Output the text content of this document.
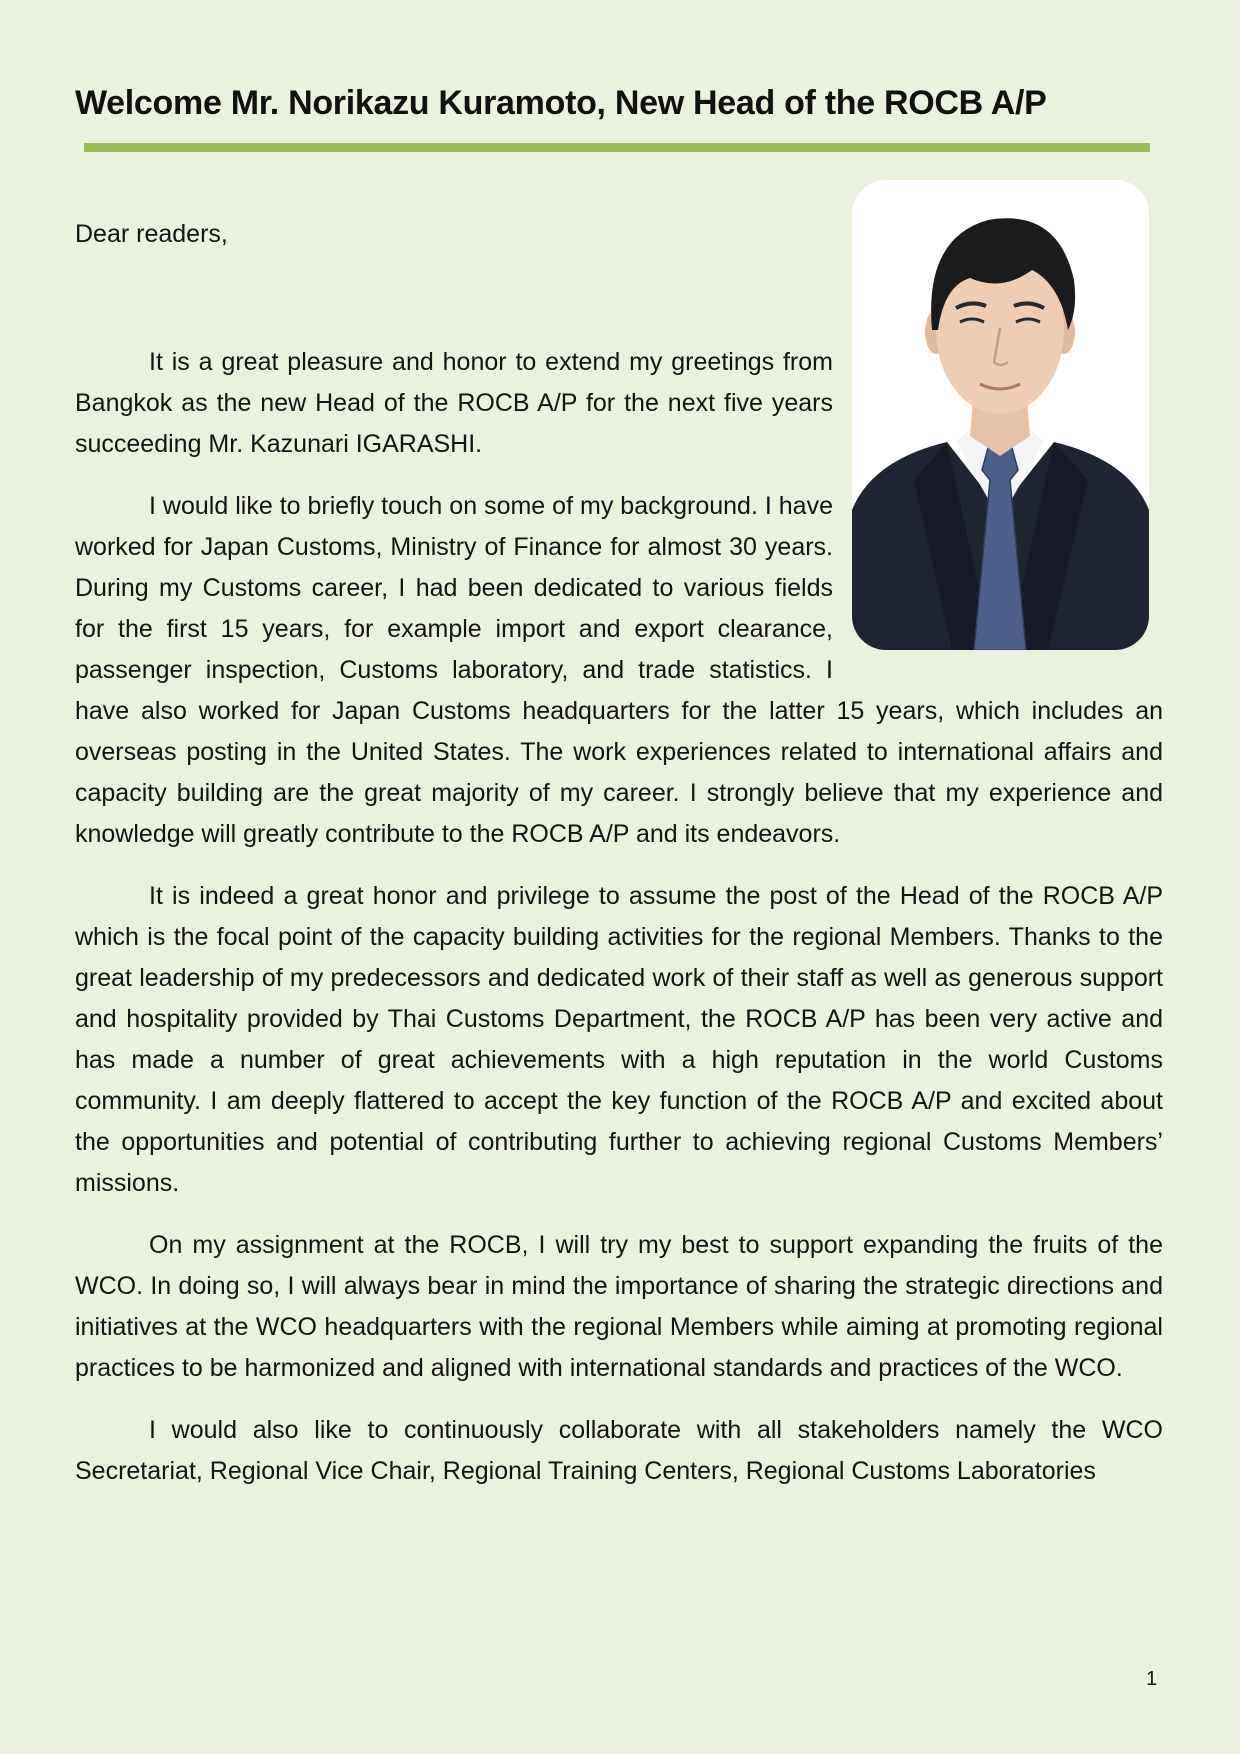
Welcome Mr. Norikazu Kuramoto, New Head of the ROCB A/P

Dear readers,

It is a great pleasure and honor to extend my greetings from Bangkok as the new Head of the ROCB A/P for the next five years succeeding Mr. Kazunari IGARASHI.

I would like to briefly touch on some of my background. I have worked for Japan Customs, Ministry of Finance for almost 30 years. During my Customs career, I had been dedicated to various fields for the first 15 years, for example import and export clearance, passenger inspection, Customs laboratory, and trade statistics. I have also worked for Japan Customs headquarters for the latter 15 years, which includes an overseas posting in the United States. The work experiences related to international affairs and capacity building are the great majority of my career. I strongly believe that my experience and knowledge will greatly contribute to the ROCB A/P and its endeavors.

It is indeed a great honor and privilege to assume the post of the Head of the ROCB A/P which is the focal point of the capacity building activities for the regional Members. Thanks to the great leadership of my predecessors and dedicated work of their staff as well as generous support and hospitality provided by Thai Customs Department, the ROCB A/P has been very active and has made a number of great achievements with a high reputation in the world Customs community. I am deeply flattered to accept the key function of the ROCB A/P and excited about the opportunities and potential of contributing further to achieving regional Customs Members’ missions.

On my assignment at the ROCB, I will try my best to support expanding the fruits of the WCO. In doing so, I will always bear in mind the importance of sharing the strategic directions and initiatives at the WCO headquarters with the regional Members while aiming at promoting regional practices to be harmonized and aligned with international standards and practices of the WCO.

I would also like to continuously collaborate with all stakeholders namely the WCO Secretariat, Regional Vice Chair, Regional Training Centers, Regional Customs Laboratories

1
